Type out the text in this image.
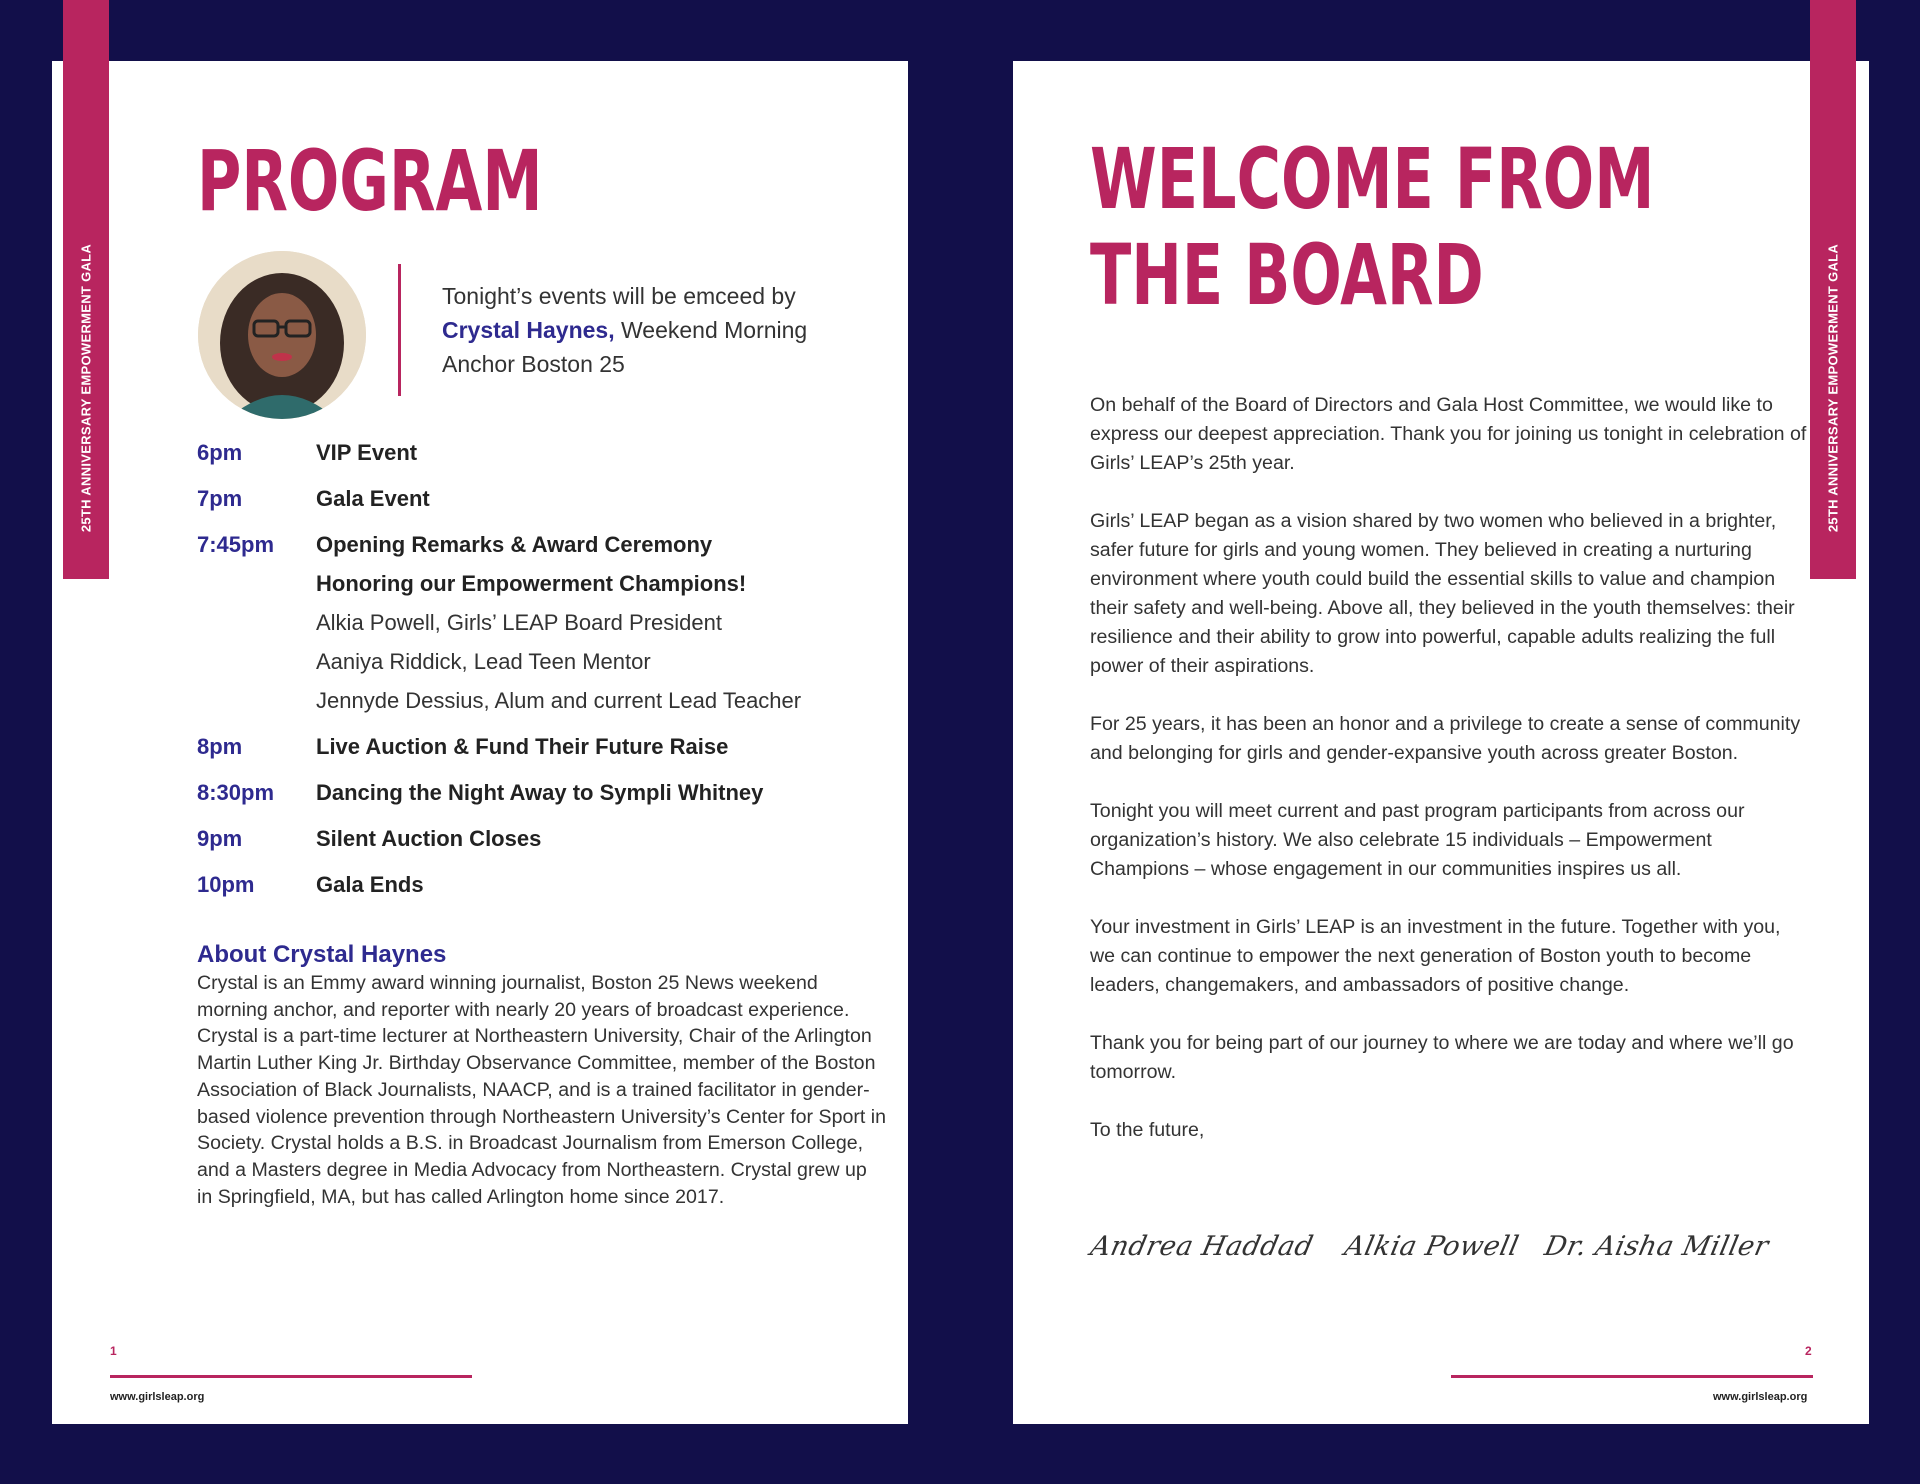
PROGRAM
Tonight’s events will be emceed by
Crystal Haynes, Weekend Morning Anchor Boston 25
6pm	VIP Event
7pm	Gala Event
7:45pm	Opening Remarks & Award Ceremony
Honoring our Empowerment Champions!
Alkia Powell, Girls’ LEAP Board President
Aaniya Riddick, Lead Teen Mentor
Jennyde Dessius, Alum and current Lead Teacher
8pm	Live Auction & Fund Their Future Raise
8:30pm	Dancing the Night Away to Sympli Whitney
9pm	Silent Auction Closes
10pm	Gala Ends
About Crystal Haynes
Crystal is an Emmy award winning journalist, Boston 25 News weekend morning anchor, and reporter with nearly 20 years of broadcast experience. Crystal is a part-time lecturer at Northeastern University, Chair of the Arlington Martin Luther King Jr. Birthday Observance Committee, member of the Boston Association of Black Journalists, NAACP, and is a trained facilitator in gender-based violence prevention through Northeastern University’s Center for Sport in Society. Crystal holds a B.S. in Broadcast Journalism from Emerson College, and a Masters degree in Media Advocacy from Northeastern. Crystal grew up in Springfield, MA, but has called Arlington home since 2017.
1
www.girlsleap.org
WELCOME FROM
THE BOARD

On behalf of the Board of Directors and Gala Host Committee, we would like to express our deepest appreciation. Thank you for joining us tonight in celebration of Girls’ LEAP’s 25th year.

Girls’ LEAP began as a vision shared by two women who believed in a brighter, safer future for girls and young women. They believed in creating a nurturing environment where youth could build the essential skills to value and champion their safety and well-being. Above all, they believed in the youth themselves: their resilience and their ability to grow into powerful, capable adults realizing the full power of their aspirations.

For 25 years, it has been an honor and a privilege to create a sense of community and belonging for girls and gender-expansive youth across greater Boston.

Tonight you will meet current and past program participants from across our organization’s history. We also celebrate 15 individuals – Empowerment Champions – whose engagement in our communities inspires us all.

Your investment in Girls’ LEAP is an investment in the future. Together with you, we can continue to empower the next generation of Boston youth to become leaders, changemakers, and ambassadors of positive change.

Thank you for being part of our journey to where we are today and where we’ll go tomorrow.

To the future,

Andrea Haddad Alkia Powell Dr. Aisha Miller
2
www.girlsleap.org
25TH ANNIVERSARY EMPOWERMENT GALA	25TH ANNIVERSARY EMPOWERMENT GALA
